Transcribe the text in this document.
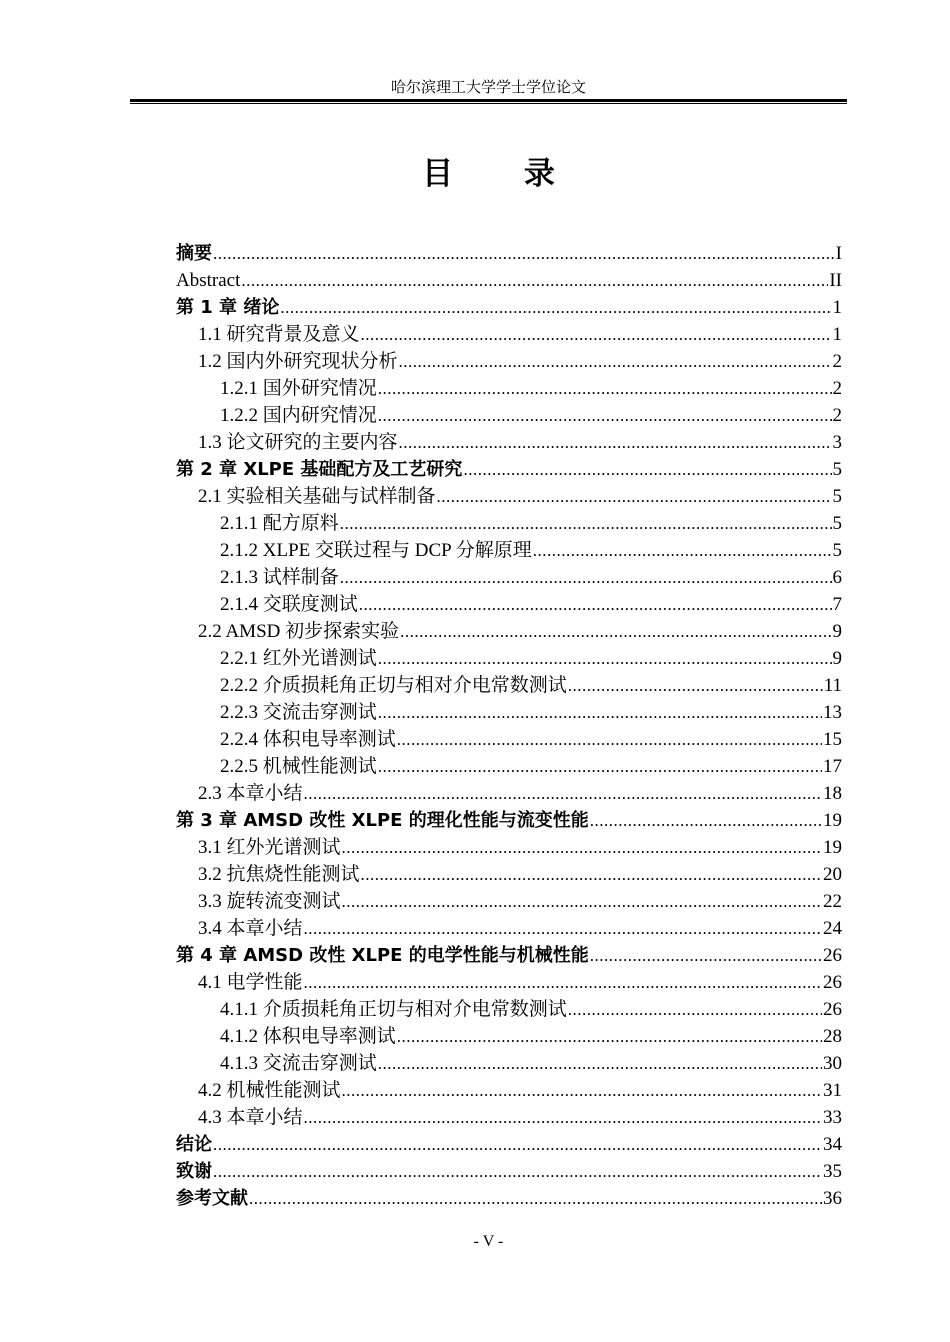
哈尔滨理工大学学士学位论文
目 录
摘要 .....	I
Abstract .....	II
第 1 章 绪论 .....	1
1.1 研究背景及意义 .....	1
1.2 国内外研究现状分析 .....	2
1.2.1 国外研究情况 .....	2
1.2.2 国内研究情况 .....	2
1.3 论文研究的主要内容 .....	3
第 2 章 XLPE 基础配方及工艺研究 .....	5
2.1 实验相关基础与试样制备 .....	5
2.1.1 配方原料 .....	5
2.1.2 XLPE 交联过程与 DCP 分解原理 .....	5
2.1.3 试样制备 .....	6
2.1.4 交联度测试 .....	7
2.2 AMSD 初步探索实验 .....	9
2.2.1 红外光谱测试 .....	9
2.2.2 介质损耗角正切与相对介电常数测试 .....	11
2.2.3 交流击穿测试 .....	13
2.2.4 体积电导率测试 .....	15
2.2.5 机械性能测试 .....	17
2.3 本章小结 .....	18
第 3 章 AMSD 改性 XLPE 的理化性能与流变性能 .....	19
3.1 红外光谱测试 .....	19
3.2 抗焦烧性能测试 .....	20
3.3 旋转流变测试 .....	22
3.4 本章小结 .....	24
第 4 章 AMSD 改性 XLPE 的电学性能与机械性能 .....	26
4.1 电学性能 .....	26
4.1.1 介质损耗角正切与相对介电常数测试 .....	26
4.1.2 体积电导率测试 .....	28
4.1.3 交流击穿测试 .....	30
4.2 机械性能测试 .....	31
4.3 本章小结 .....	33
结论 .....	34
致谢 .....	35
参考文献 .....	36
- V -
